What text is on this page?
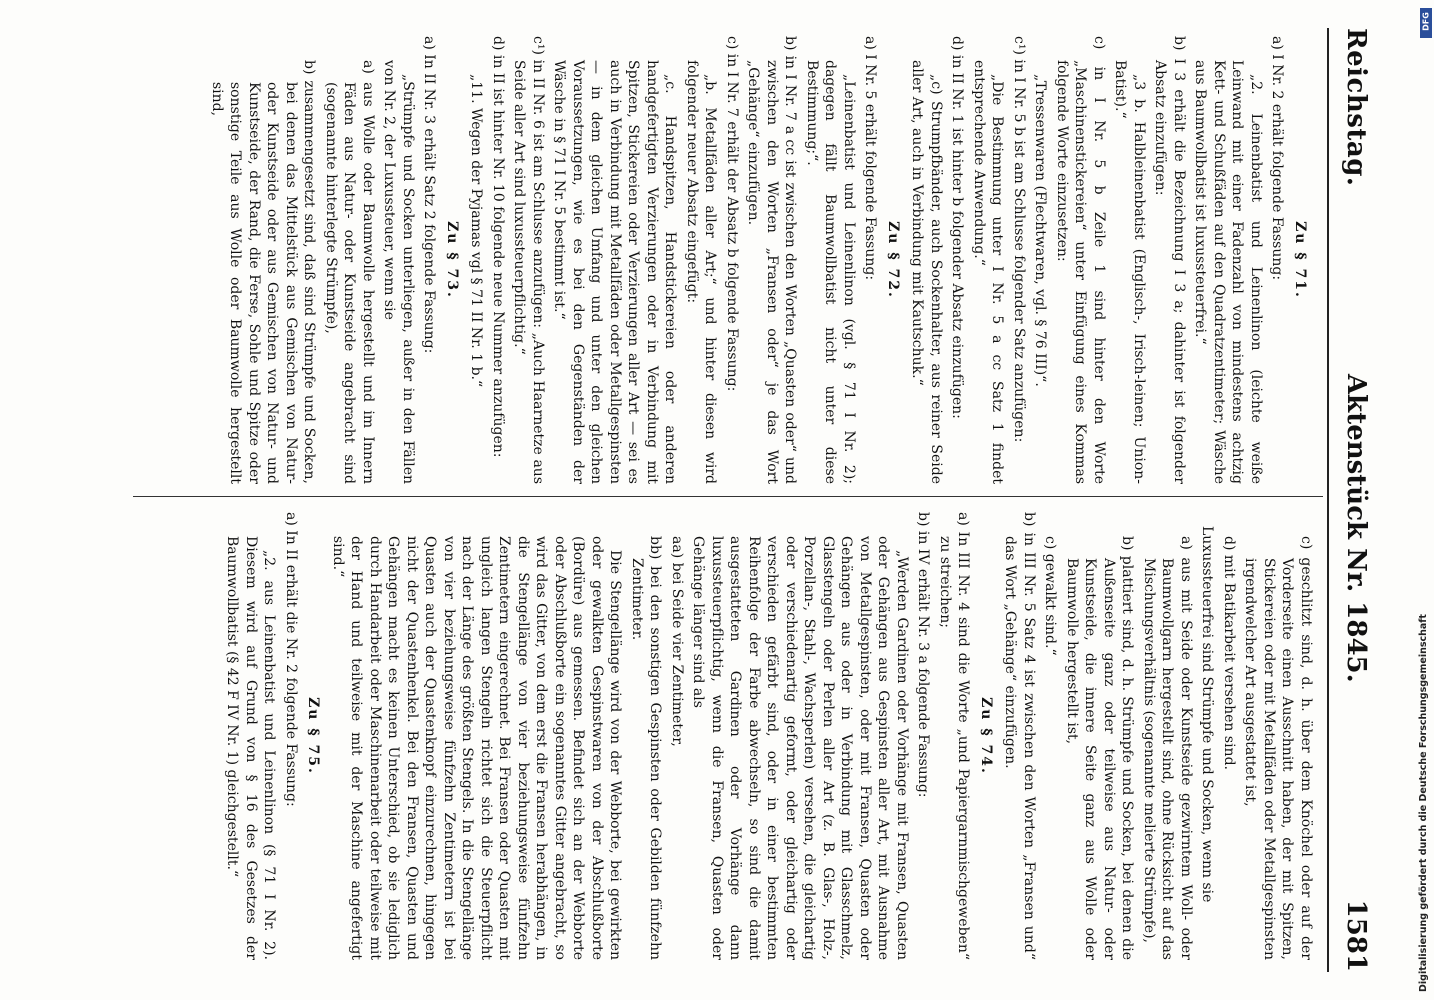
Reichstag.
Aktenstück Nr. 1845.
1581
Zu § 71.
a) I Nr. 2 erhält folgende Fassung:
„2. Leinenbatist und Leinenlinon (leichte weiße Leinwand mit einer Fadenzahl von mindestens achtzig Kett- und Schußfäden auf den Quadratzentimeter; Wäsche aus Baumwollbatist ist luxussteuerfrei.“
b) I 3 erhält die Bezeichnung I 3 a; dahinter ist folgender Absatz einzufügen:
„3 b. Halbleinenbatist (Englisch-, Irisch-leinen; Union-Batist).“
c) in I Nr. 5 b Zeile 1 sind hinter den Worte „Maschinenstickereien“ unter Einfügung eines Kommas folgende Worte einzusetzen:
„Tressenwaren (Flechtwaren, vgl. § 76 III)“.
c¹) in I Nr. 5 b ist am Schlusse folgender Satz anzufügen:
„Die Bestimmung unter I Nr. 5 a cc Satz 1 findet entsprechende Anwendung.“
d) in II Nr. 1 ist hinter b folgender Absatz einzufügen:
„c) Strumpfbänder, auch Sockenhalter, aus reiner Seide aller Art, auch in Verbindung mit Kautschuk.“
Zu § 72.
a) I Nr. 5 erhält folgende Fassung:
„Leinenbatist und Leinenlinon (vgl. § 71 I Nr. 2); dagegen fällt Baumwollbatist nicht unter diese Bestimmung;“.
b) in I Nr. 7 a cc ist zwischen den Worten „Quasten oder“ und zwischen den Worten „Fransen oder“ je das Wort „Gehänge“ einzufügen.
c) in I Nr. 7 erhält der Absatz b folgende Fassung:
„b. Metallfäden aller Art;“ und hinter diesen wird folgender neuer Absatz eingefügt:
„c. Handspitzen, Handstickereien oder anderen handgefertigten Verzierungen oder in Verbindung mit Spitzen, Stickereien oder Verzierungen aller Art — sei es auch in Verbindung mit Metallfäden oder Metallgespinsten — in dem gleichen Umfang und unter den gleichen Voraussetzungen, wie es bei den Gegenständen der Wäsche in § 71 I Nr. 5 bestimmt ist.“
c¹) in II Nr. 6 ist am Schlusse anzufügen: „Auch Haarnetze aus Seide aller Art sind luxussteuerpflichtig.“
d) in II ist hinter Nr. 10 folgende neue Nummer anzufügen:
„11. Wegen der Pyjamas vgl § 71 II Nr. 1 b.“
Zu § 73.
a) In II Nr. 3 erhält Satz 2 folgende Fassung:
„Strümpfe und Socken unterliegen, außer in den Fällen von Nr. 2, der Luxussteuer, wenn sie
a) aus Wolle oder Baumwolle hergestellt und im Innern Fäden aus Natur- oder Kunstseide angebracht sind (sogenannte hinterlegte Strümpfe),
b) zusammengesetzt sind, daß sind Strümpfe und Socken, bei denen das Mittelstück aus Gemischen von Natur- oder Kunstseide oder aus Gemischen von Natur- und Kunstseide, der Rand, die Ferse, Sohle und Spitze oder sonstige Teile aus Wolle oder Baumwolle hergestellt sind,
c) geschlitzt sind, d. h. über dem Knöchel oder auf der Vorderseite einen Ausschnitt haben, der mit Spitzen, Stickereien oder mit Metallfäden oder Metallgespinsten irgendwelcher Art ausgestattet ist,
d) mit Batikarbeit versehen sind.
Luxussteuerfrei sind Strümpfe und Socken, wenn sie
a) aus mit Seide oder Kunstseide gezwirntem Woll- oder Baumwollgarn hergestellt sind, ohne Rücksicht auf das Mischungsverhältnis (sogenannte melierte Strümpfe),
b) plattiert sind, d. h. Strümpfe und Socken, bei denen die Außenseite ganz oder teilweise aus Natur- oder Kunstseide, die innere Seite ganz aus Wolle oder Baumwolle hergestellt ist,
c) gewalkt sind.“
b) in III Nr. 5 Satz 4 ist zwischen den Worten „Fransen und“ das Wort „Gehänge“ einzufügen.
Zu § 74.
a) In III Nr. 4 sind die Worte „und Papiergarnmischgeweben“ zu streichen;
b) in IV erhält Nr. 3 a folgende Fassung:
„Werden Gardinen oder Vorhänge mit Fransen, Quasten oder Gehängen aus Gespinsten aller Art, mit Ausnahme von Metallgespinsten, oder mit Fransen, Quasten oder Gehängen aus oder in Verbindung mit Glasschmelz, Glasstengeln oder Perlen aller Art (z. B. Glas-, Holz-, Porzellan-, Stahl-, Wachsperlen) versehen, die gleichartig oder verschiedenartig geformt, oder gleichartig oder verschieden gefärbt sind, oder in einer bestimmten Reihenfolge der Farbe abwechseln, so sind die damit ausgestatteten Gardinen oder Vorhänge dann luxussteuerpflichtig, wenn die Fransen, Quasten oder Gehänge länger sind als
aa) bei Seide vier Zentimeter,
bb) bei den sonstigen Gespinsten oder Gebilden fünfzehn Zentimeter.
Die Stengellänge wird von der Webborte, bei gewirkten oder gewalkten Gespinstwaren von der Abschlußborte (Bordüre) aus gemessen. Befindet sich an der Webborte oder Abschlußborte ein sogenanntes Gitter angebracht, so wird das Gitter, von dem erst die Fransen herabhängen, in die Stengellänge von vier beziehungsweise fünfzehn Zentimetern eingerechnet. Bei Fransen oder Quasten mit ungleich langen Stengeln richtet sich die Steuerpflicht nach der Länge des größten Stengels. In die Stengellänge von vier beziehungsweise fünfzehn Zentimetern ist bei Quasten auch der Quastenknopf einzurechnen, hingegen nicht der Quastenhenkel. Bei den Fransen, Quasten und Gehängen macht es keinen Unterschied, ob sie lediglich durch Handarbeit oder Maschinenarbeit oder teilweise mit der Hand und teilweise mit der Maschine angefertigt sind.“
Zu § 75.
a) In II erhält die Nr. 2 folgende Fassung:
„2. aus Leinenbatist und Leinenlinon (§ 71 I Nr. 2). Diesem wird auf Grund von § 16 des Gesetzes der Baumwollbatist (§ 42 F IV Nr. 1) gleichgestellt.“	Digitalisierung gefördert durch die Deutsche Forschungsgemeinschaft
DFG
